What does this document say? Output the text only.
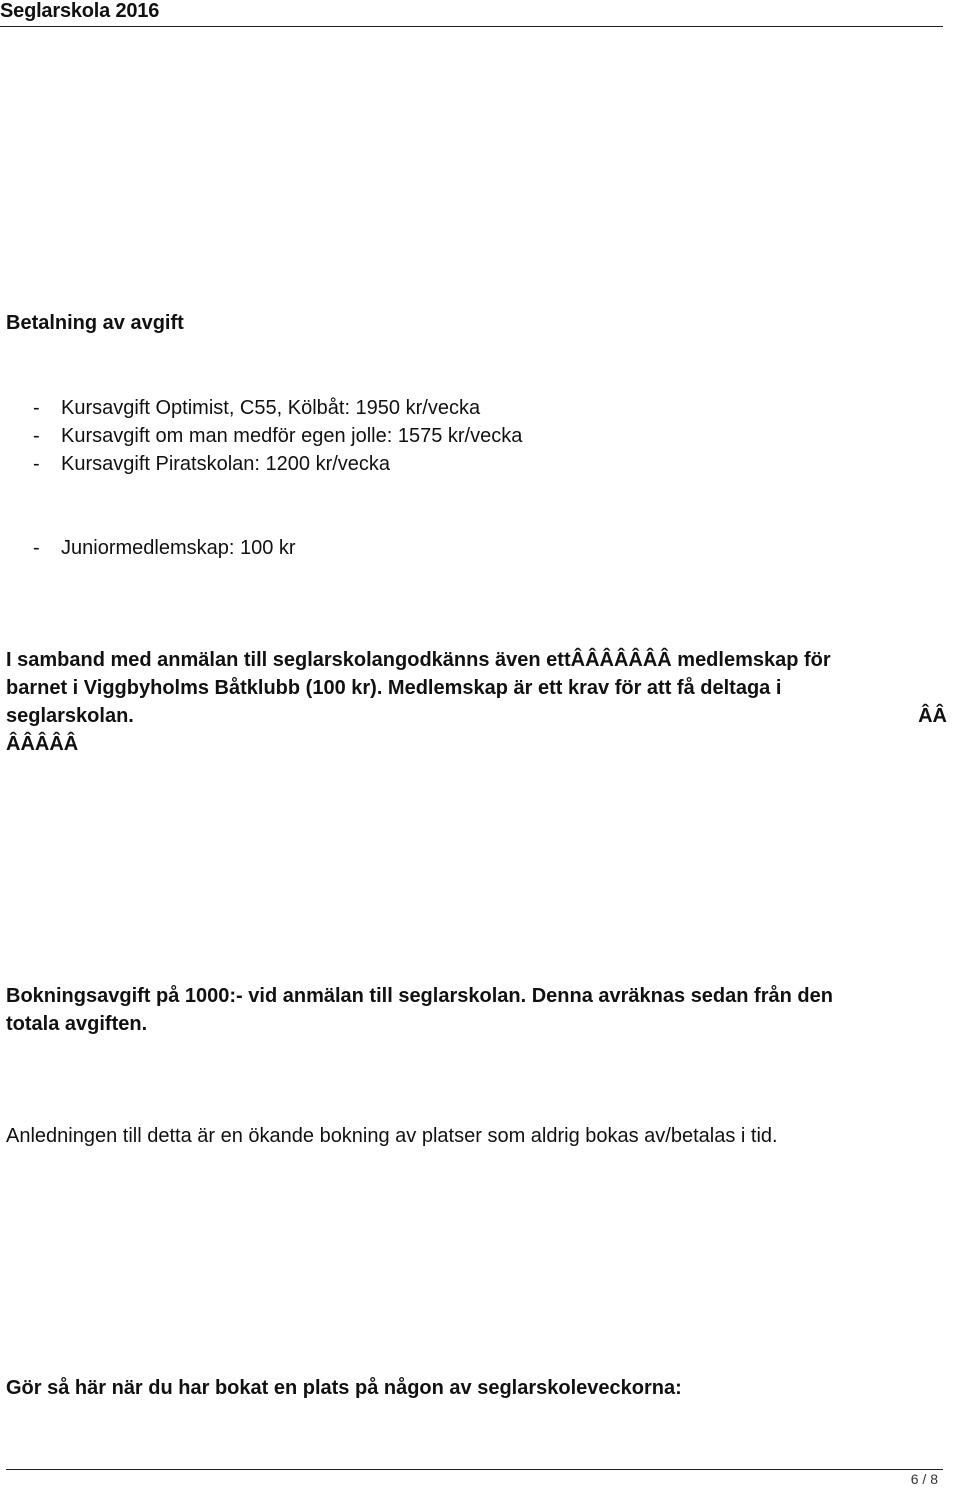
Seglarskola 2016
Betalning av avgift
- Kursavgift Optimist, C55, Kölbåt: 1950 kr/vecka
- Kursavgift om man medför egen jolle: 1575 kr/vecka
- Kursavgift Piratskolan: 1200 kr/vecka
- Juniormedlemskap: 100 kr
I samband med anmälan till seglarskolangodkänns även ettÂÂÂÂÂÂÂ medlemskap för
barnet i Viggbyholms Båtklubb (100 kr). Medlemskap är ett krav för att få deltaga i
seglarskolan.	ÂÂ
ÂÂÂÂÂ
Bokningsavgift på 1000:- vid anmälan till seglarskolan. Denna avräknas sedan från den
totala avgiften.
Anledningen till detta är en ökande bokning av platser som aldrig bokas av/betalas i tid.
Gör så här när du har bokat en plats på någon av seglarskoleveckorna:
6 / 8
